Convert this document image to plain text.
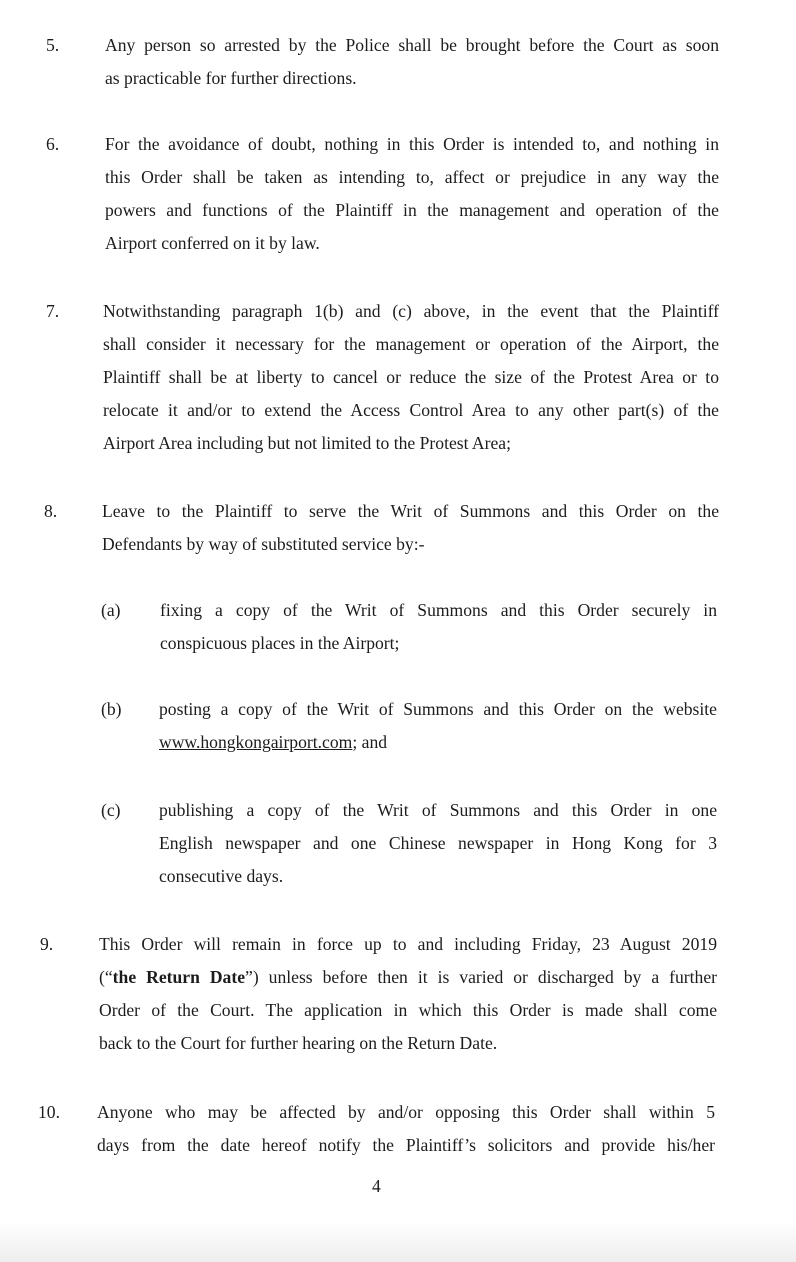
5.	Any person so arrested by the Police shall be brought before the Court as soon
as practicable for further directions.
6.	For the avoidance of doubt, nothing in this Order is intended to, and nothing in
this Order shall be taken as intending to, affect or prejudice in any way the
powers and functions of the Plaintiff in the management and operation of the
Airport conferred on it by law.
7. Notwithstanding paragraph 1(b) and (c) above, in the event that the Plaintiff
shall consider it necessary for the management or operation of the Airport, the
Plaintiff shall be at liberty to cancel or reduce the size of the Protest Area or to
relocate it and/or to extend the Access Control Area to any other part(s) of the
Airport Area including but not limited to the Protest Area;
8.	Leave to the Plaintiff to serve the Writ of Summons and this Order on the
Defendants by way of substituted service by:-
(a) fixing a copy of the Writ of Summons and this Order securely in
conspicuous places in the Airport;
(b) posting a copy of the Writ of Summons and this Order on the website
www.hongkongairport.com; and
(c) publishing a copy of the Writ of Summons and this Order in one
English newspaper and one Chinese newspaper in Hong Kong for 3
consecutive days.
9.	This Order will remain in force up to and including Friday, 23 August 2019
(“the Return Date”) unless before then it is varied or discharged by a further
Order of the Court. The application in which this Order is made shall come
back to the Court for further hearing on the Return Date.
10. Anyone who may be affected by and/or opposing this Order shall within 5
days from the date hereof notify the Plaintiff’s solicitors and provide his/her
4
